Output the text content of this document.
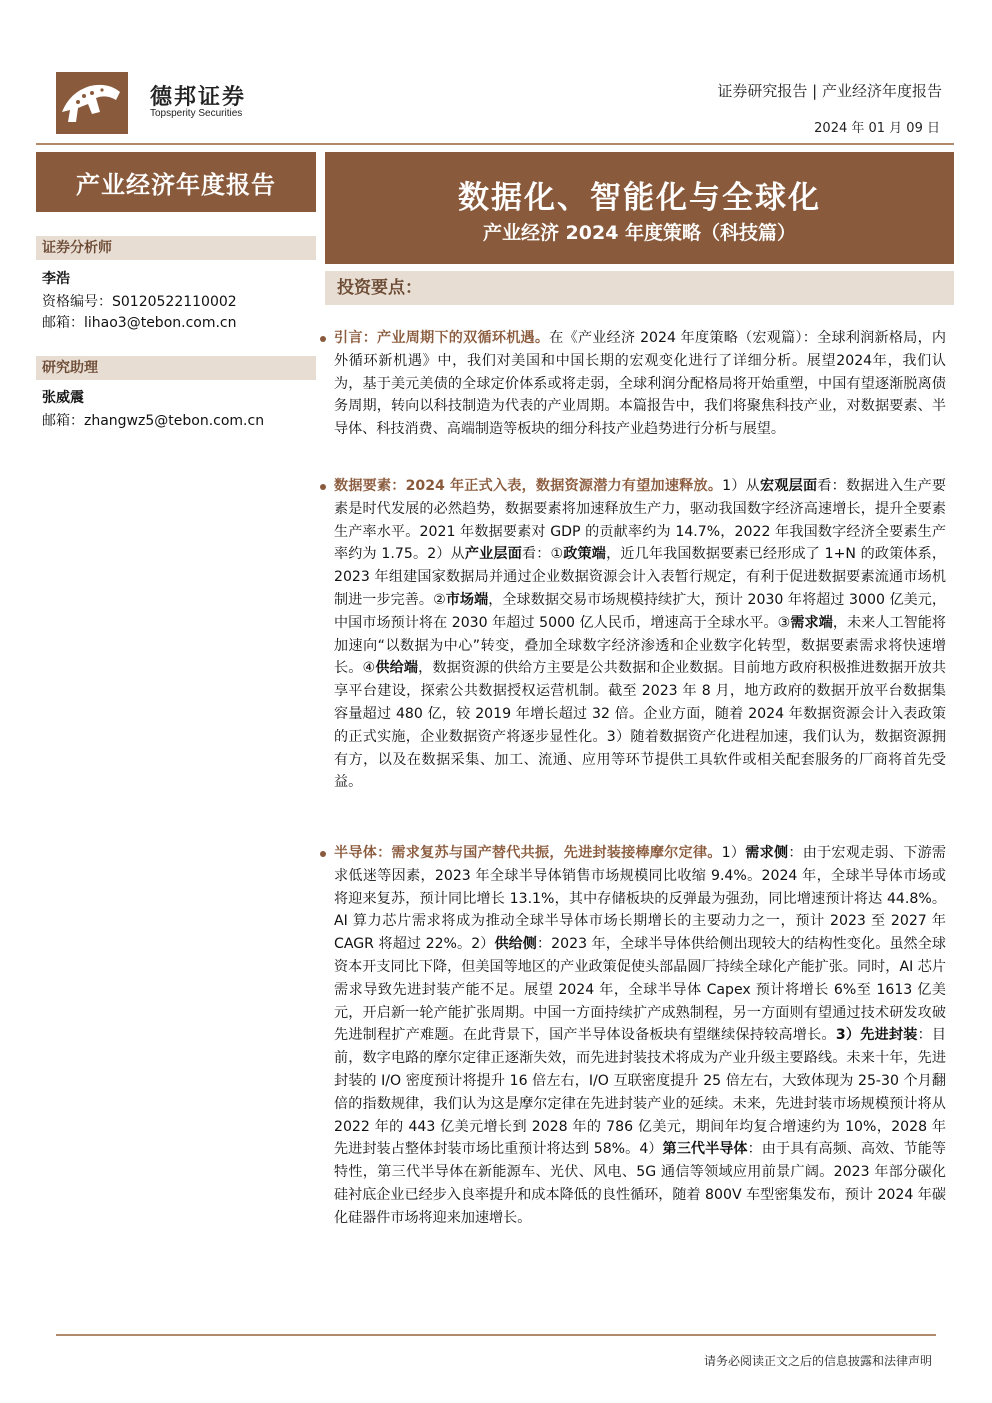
德邦证券
Topsperity Securities
证券研究报告 | 产业经济年度报告
2024 年 01 月 09 日
产业经济年度报告
证券分析师
李浩
资格编号：S0120522110002
邮箱：lihao3@tebon.com.cn
研究助理
张威震
邮箱：zhangwz5@tebon.com.cn
数据化、智能化与全球化
产业经济 2024 年度策略（科技篇）
投资要点：
引言：产业周期下的双循环机遇。在《产业经济 2024 年度策略（宏观篇）：全球利润新格局，内外循环新机遇》中，我们对美国和中国长期的宏观变化进行了详细分析。展望2024年，我们认为，基于美元美债的全球定价体系或将走弱，全球利润分配格局将开始重塑，中国有望逐渐脱离债务周期，转向以科技制造为代表的产业周期。本篇报告中，我们将聚焦科技产业，对数据要素、半导体、科技消费、高端制造等板块的细分科技产业趋势进行分析与展望。
数据要素：2024 年正式入表，数据资源潜力有望加速释放。1）从宏观层面看：数据进入生产要素是时代发展的必然趋势，数据要素将加速释放生产力，驱动我国数字经济高速增长，提升全要素生产率水平。2021 年数据要素对 GDP 的贡献率约为 14.7%，2022 年我国数字经济全要素生产率约为 1.75。2）从产业层面看：①政策端，近几年我国数据要素已经形成了 1+N 的政策体系，2023 年组建国家数据局并通过企业数据资源会计入表暂行规定，有利于促进数据要素流通市场机制进一步完善。②市场端，全球数据交易市场规模持续扩大，预计 2030 年将超过 3000 亿美元，中国市场预计将在 2030 年超过 5000 亿人民币，增速高于全球水平。③需求端，未来人工智能将加速向“以数据为中心”转变，叠加全球数字经济渗透和企业数字化转型，数据要素需求将快速增长。④供给端，数据资源的供给方主要是公共数据和企业数据。目前地方政府积极推进数据开放共享平台建设，探索公共数据授权运营机制。截至 2023 年 8 月，地方政府的数据开放平台数据集容量超过 480 亿，较 2019 年增长超过 32 倍。企业方面，随着 2024 年数据资源会计入表政策的正式实施，企业数据资产将逐步显性化。3）随着数据资产化进程加速，我们认为，数据资源拥有方，以及在数据采集、加工、流通、应用等环节提供工具软件或相关配套服务的厂商将首先受益。
半导体：需求复苏与国产替代共振，先进封装接棒摩尔定律。1）需求侧：由于宏观走弱、下游需求低迷等因素，2023 年全球半导体销售市场规模同比收缩 9.4%。2024 年，全球半导体市场或将迎来复苏，预计同比增长 13.1%，其中存储板块的反弹最为强劲，同比增速预计将达 44.8%。AI 算力芯片需求将成为推动全球半导体市场长期增长的主要动力之一，预计 2023 至 2027 年 CAGR 将超过 22%。2）供给侧：2023 年，全球半导体供给侧出现较大的结构性变化。虽然全球资本开支同比下降，但美国等地区的产业政策促使头部晶圆厂持续全球化产能扩张。同时，AI 芯片需求导致先进封装产能不足。展望 2024 年，全球半导体 Capex 预计将增长 6%至 1613 亿美元，开启新一轮产能扩张周期。中国一方面持续扩产成熟制程，另一方面则有望通过技术研发攻破先进制程扩产难题。在此背景下，国产半导体设备板块有望继续保持较高增长。3）先进封装：目前，数字电路的摩尔定律正逐渐失效，而先进封装技术将成为产业升级主要路线。未来十年，先进封装的 I/O 密度预计将提升 16 倍左右，I/O 互联密度提升 25 倍左右，大致体现为 25-30 个月翻倍的指数规律，我们认为这是摩尔定律在先进封装产业的延续。未来，先进封装市场规模预计将从 2022 年的 443 亿美元增长到 2028 年的 786 亿美元，期间年均复合增速约为 10%，2028 年先进封装占整体封装市场比重预计将达到 58%。4）第三代半导体：由于具有高频、高效、节能等特性，第三代半导体在新能源车、光伏、风电、5G 通信等领域应用前景广阔。2023 年部分碳化硅衬底企业已经步入良率提升和成本降低的良性循环，随着 800V 车型密集发布，预计 2024 年碳化硅器件市场将迎来加速增长。
请务必阅读正文之后的信息披露和法律声明
